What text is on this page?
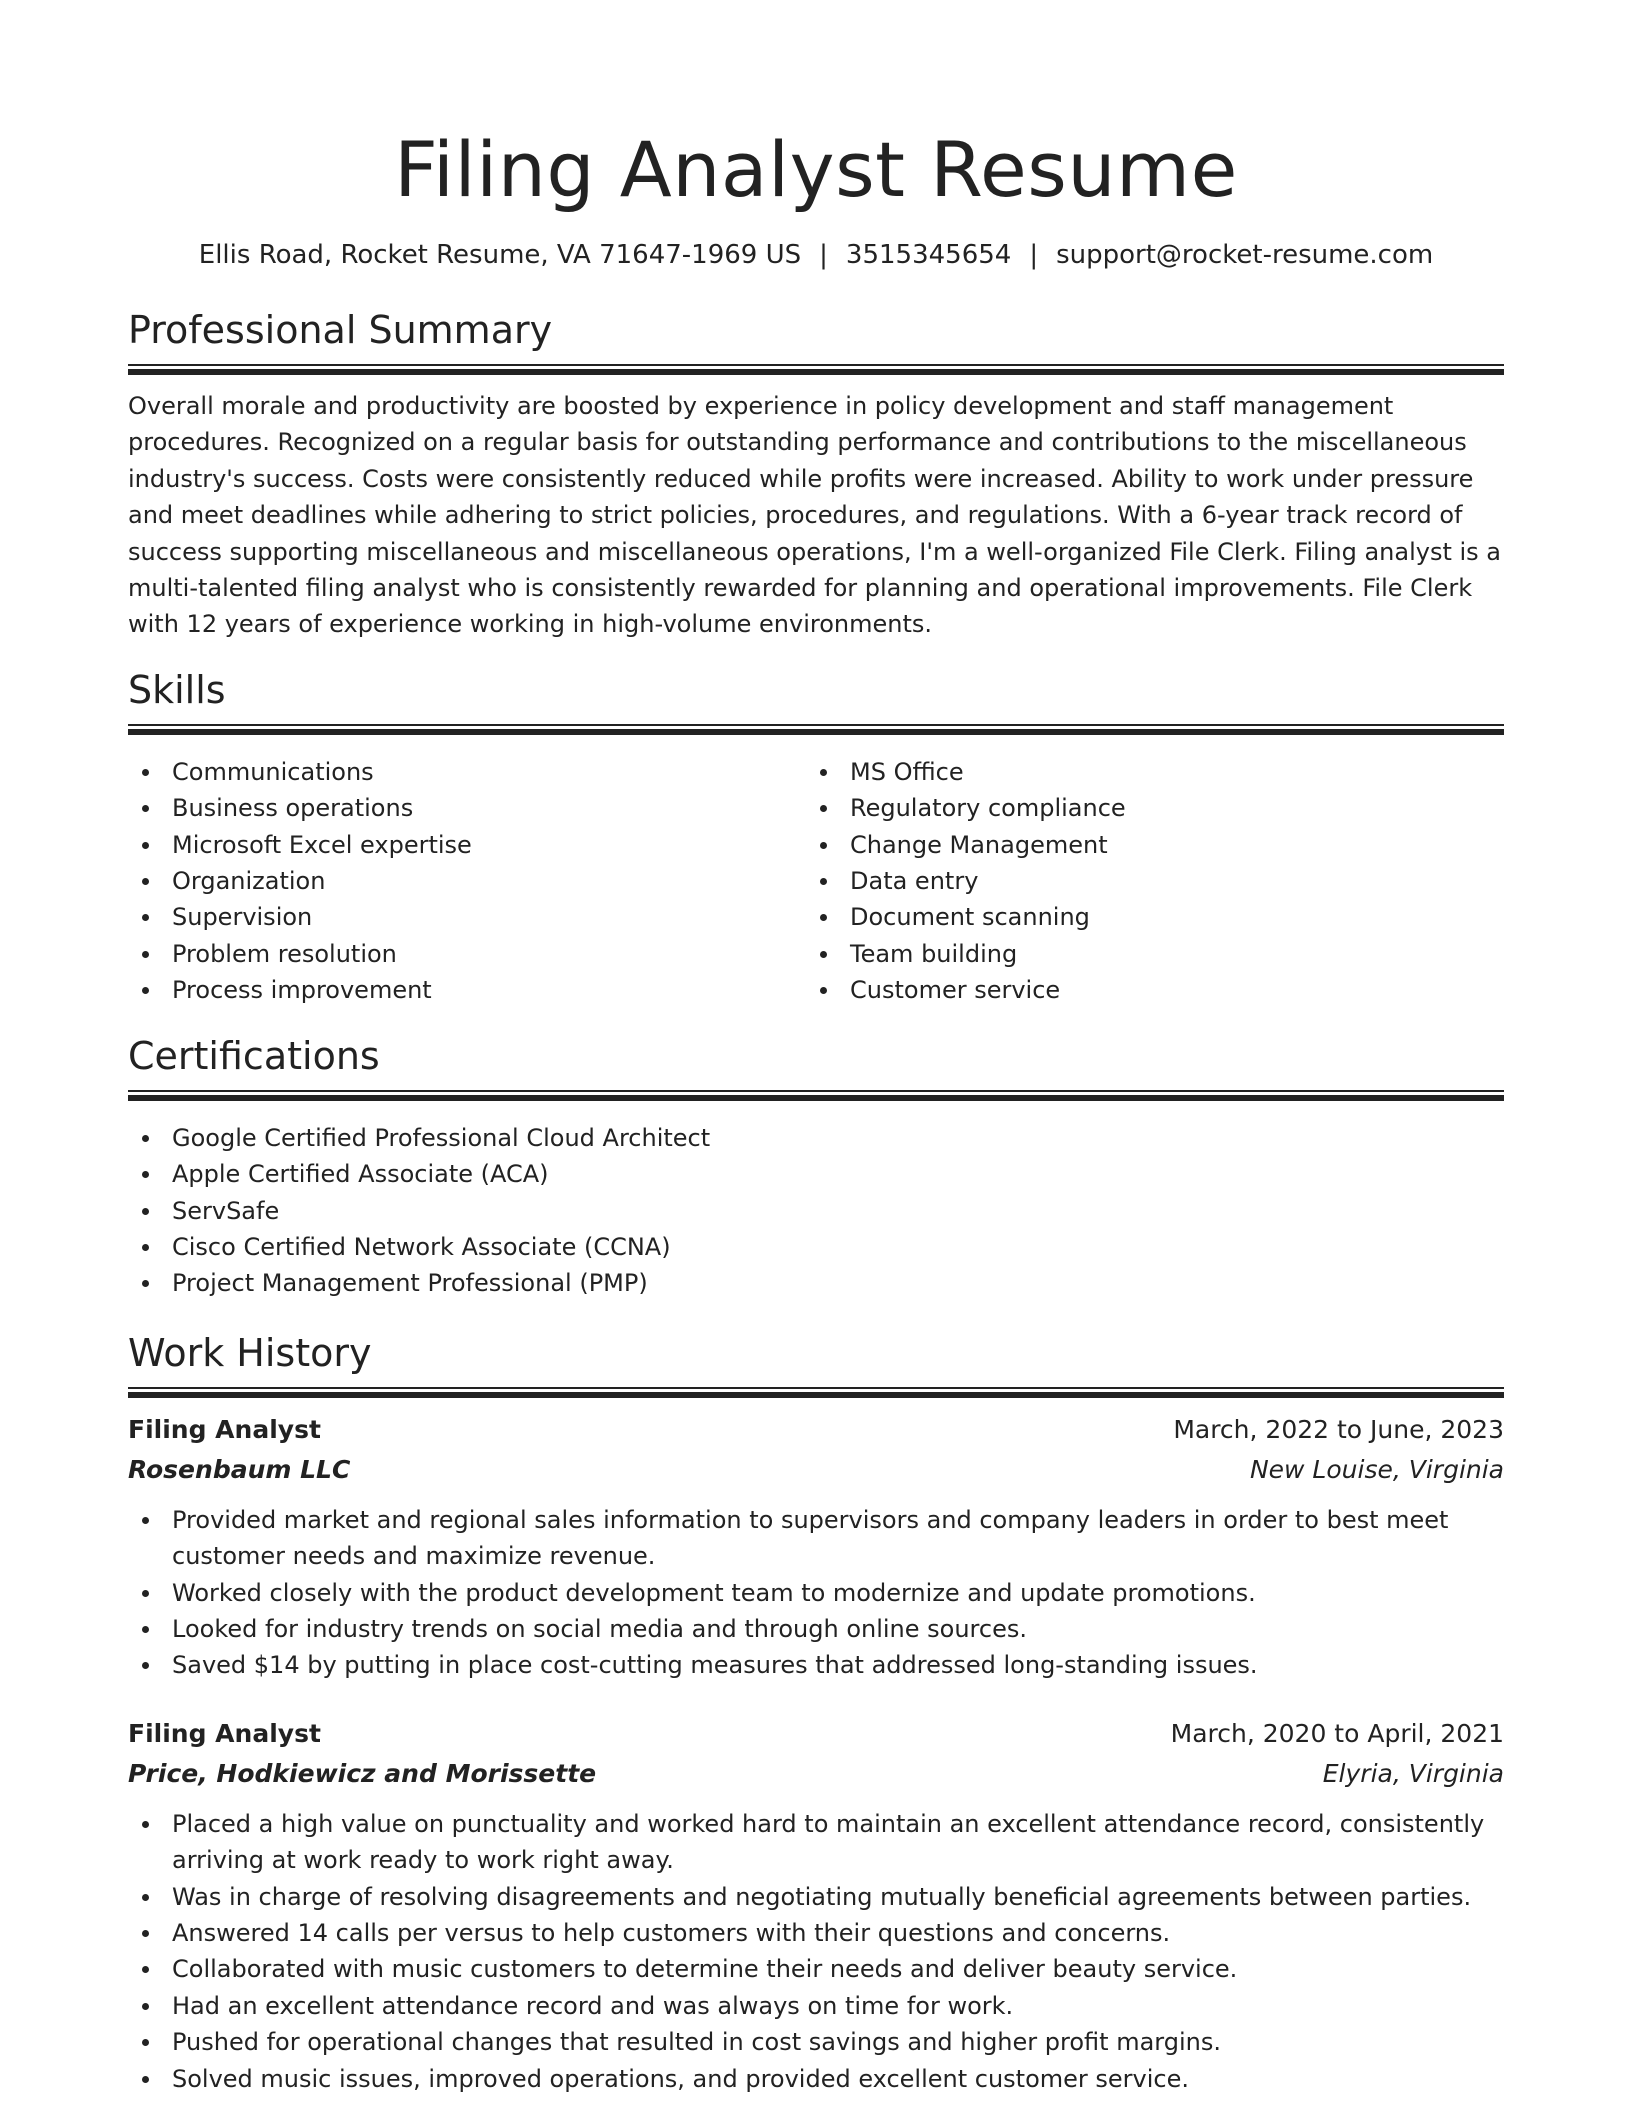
Filing Analyst Resume
Ellis Road, Rocket Resume, VA 71647-1969 US | 3515345654 | support@rocket-resume.com
Professional Summary

Overall morale and productivity are boosted by experience in policy development and staff management procedures. Recognized on a regular basis for outstanding performance and contributions to the miscellaneous industry's success. Costs were consistently reduced while profits were increased. Ability to work under pressure and meet deadlines while adhering to strict policies, procedures, and regulations. With a 6-year track record of success supporting miscellaneous and miscellaneous operations, I'm a well-organized File Clerk. Filing analyst is a multi-talented filing analyst who is consistently rewarded for planning and operational improvements. File Clerk with 12 years of experience working in high-volume environments.

Skills
Communications
Business operations
Microsoft Excel expertise
Organization
Supervision
Problem resolution
Process improvement
MS Office
Regulatory compliance
Change Management
Data entry
Document scanning
Team building
Customer service
Certifications
Google Certified Professional Cloud Architect
Apple Certified Associate (ACA)
ServSafe
Cisco Certified Network Associate (CCNA)
Project Management Professional (PMP)
Work History
Filing Analyst	March, 2022 to June, 2023
Rosenbaum LLC	New Louise, Virginia
Provided market and regional sales information to supervisors and company leaders in order to best meet customer needs and maximize revenue.
Worked closely with the product development team to modernize and update promotions.
Looked for industry trends on social media and through online sources.
Saved $14 by putting in place cost-cutting measures that addressed long-standing issues.
Filing Analyst	March, 2020 to April, 2021
Price, Hodkiewicz and Morissette	Elyria, Virginia
Placed a high value on punctuality and worked hard to maintain an excellent attendance record, consistently arriving at work ready to work right away.
Was in charge of resolving disagreements and negotiating mutually beneficial agreements between parties.
Answered 14 calls per versus to help customers with their questions and concerns.
Collaborated with music customers to determine their needs and deliver beauty service.
Had an excellent attendance record and was always on time for work.
Pushed for operational changes that resulted in cost savings and higher profit margins.
Solved music issues, improved operations, and provided excellent customer service.
